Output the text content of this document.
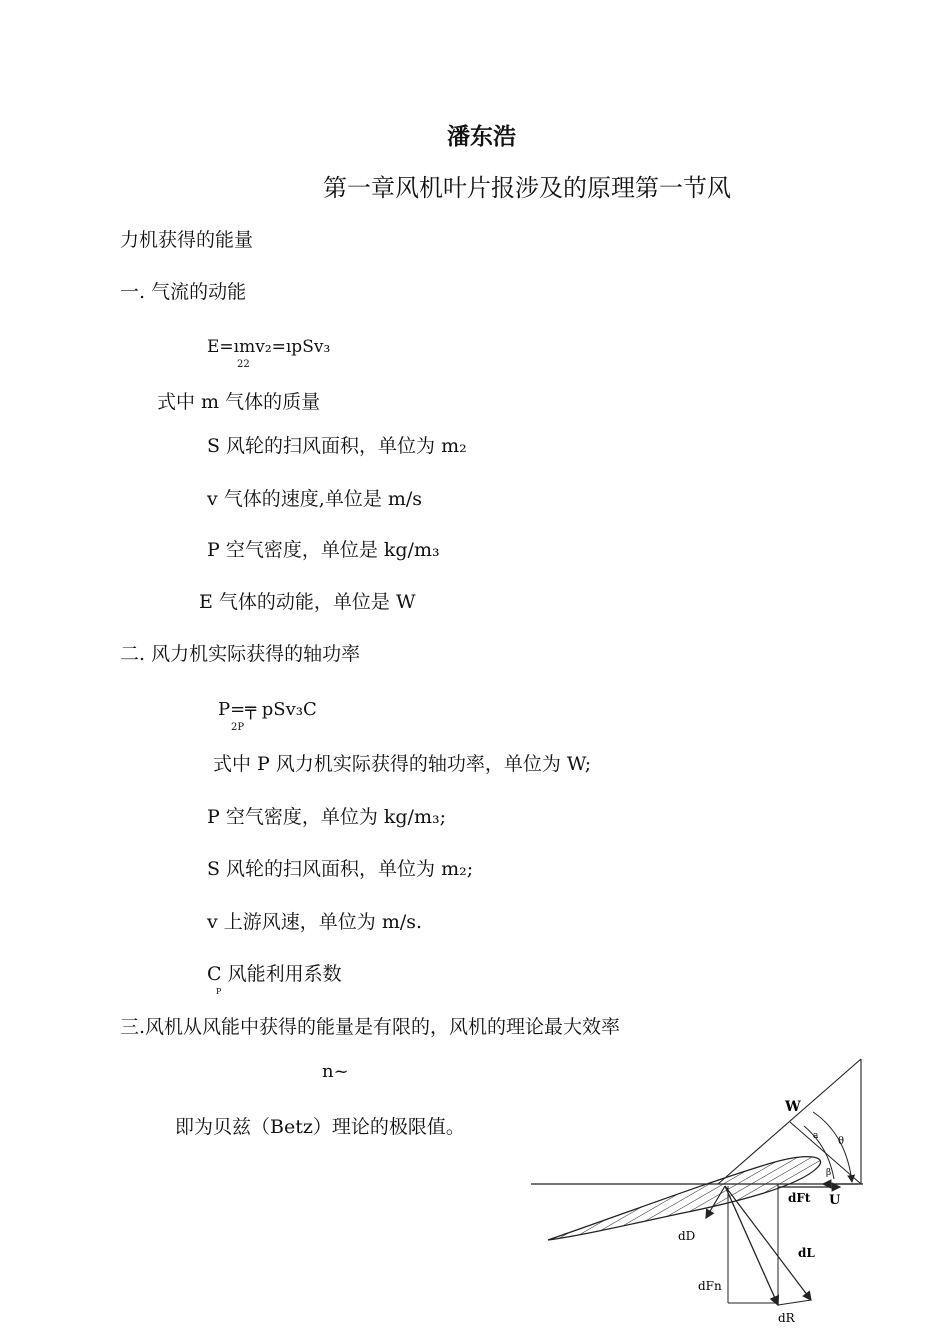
潘东浩
第一章风机叶片报涉及的原理第一节风
力机获得的能量
一. 气流的动能
E=ımv₂=ıpSv₃
22
式中 m 气体的质量
S 风轮的扫风面积，单位为 m₂
v 气体的速度,单位是 m/s
P 空气密度，单位是 kg/m₃
E 气体的动能，单位是 W
二. 风力机实际获得的轴功率
P=╤ pSv₃C
2P
式中 P 风力机实际获得的轴功率，单位为 W;
P 空气密度，单位为 kg/m₃;
S 风轮的扫风面积，单位为 m₂;
v 上游风速，单位为 m/s.
C 风能利用系数
P
三.风机从风能中获得的能量是有限的，风机的理论最大效率
n~
即为贝兹（Betz）理论的极限值。
W
θ
a
β
dFt U
dD
dL
dFn
dR
